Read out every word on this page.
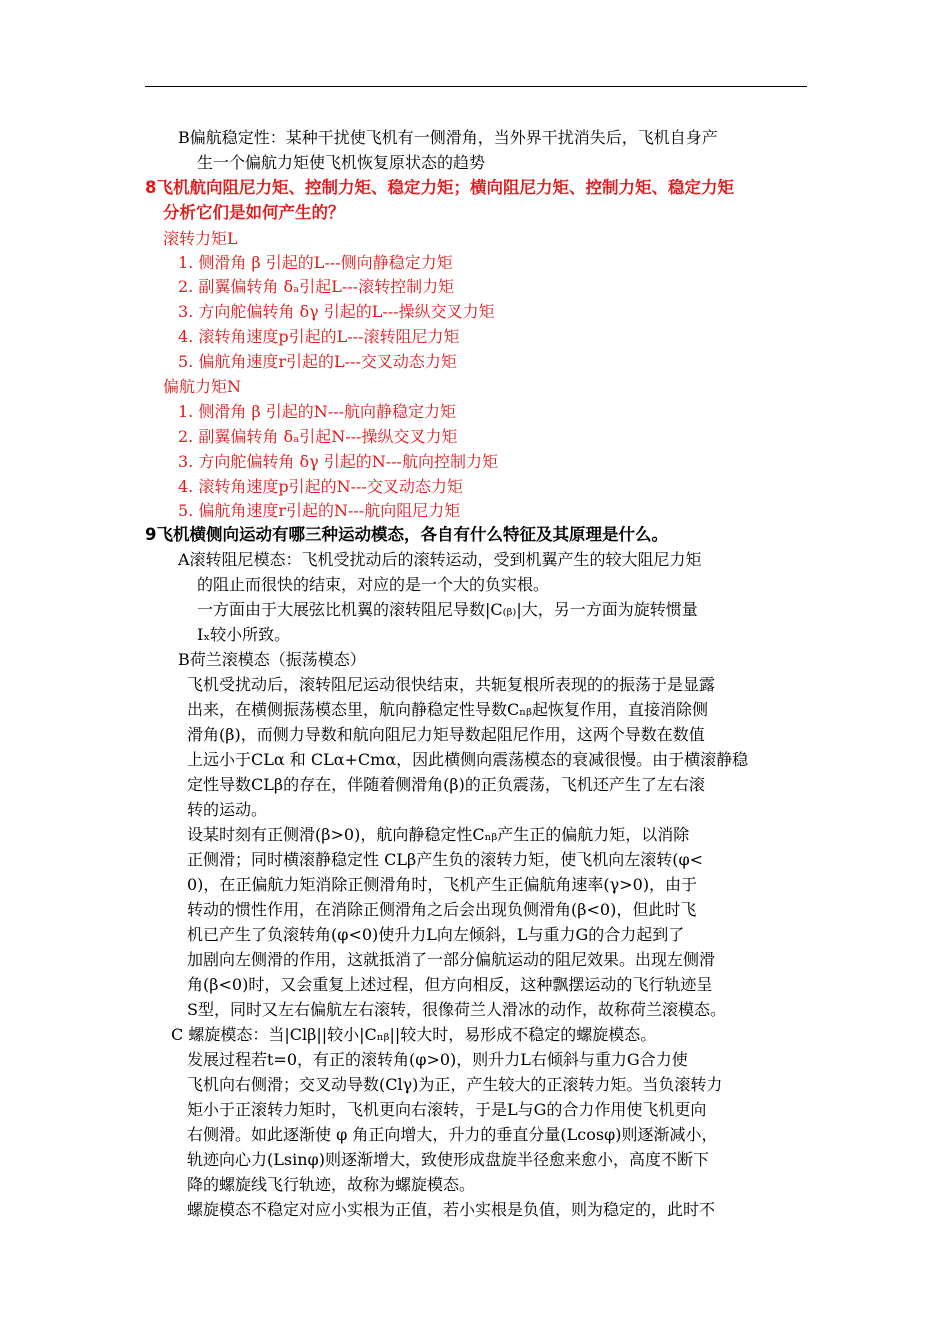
B偏航稳定性：某种干扰使飞机有一侧滑角，当外界干扰消失后，飞机自身产
生一个偏航力矩使飞机恢复原状态的趋势
8飞机航向阻尼力矩、控制力矩、稳定力矩；横向阻尼力矩、控制力矩、稳定力矩
分析它们是如何产生的？
滚转力矩L
1. 侧滑角 β 引起的L---侧向静稳定力矩
2. 副翼偏转角 δₐ引起L---滚转控制力矩
3. 方向舵偏转角 δγ 引起的L---操纵交叉力矩
4. 滚转角速度p引起的L---滚转阻尼力矩
5. 偏航角速度r引起的L---交叉动态力矩
偏航力矩N
1. 侧滑角 β 引起的N---航向静稳定力矩
2. 副翼偏转角 δₐ引起N---操纵交叉力矩
3. 方向舵偏转角 δγ 引起的N---航向控制力矩
4. 滚转角速度p引起的N---交叉动态力矩
5. 偏航角速度r引起的N---航向阻尼力矩
9飞机横侧向运动有哪三种运动模态，各自有什么特征及其原理是什么。
A滚转阻尼模态：飞机受扰动后的滚转运动，受到机翼产生的较大阻尼力矩
的阻止而很快的结束，对应的是一个大的负实根。
一方面由于大展弦比机翼的滚转阻尼导数|C₍ᵦ₎|大，另一方面为旋转惯量
Iₓ较小所致。
B荷兰滚模态（振荡模态）
飞机受扰动后，滚转阻尼运动很快结束，共轭复根所表现的的振荡于是显露
出来，在横侧振荡模态里，航向静稳定性导数Cₙᵦ起恢复作用，直接消除侧
滑角(β)，而侧力导数和航向阻尼力矩导数起阻尼作用，这两个导数在数值
上远小于CLα 和 CLα+Cmα，因此横侧向震荡模态的衰减很慢。由于横滚静稳
定性导数CLβ的存在，伴随着侧滑角(β)的正负震荡，飞机还产生了左右滚
转的运动。
设某时刻有正侧滑(β>0)，航向静稳定性Cₙᵦ产生正的偏航力矩，以消除
正侧滑；同时横滚静稳定性 CLβ产生负的滚转力矩，使飞机向左滚转(φ<
0)，在正偏航力矩消除正侧滑角时，飞机产生正偏航角速率(γ>0)，由于
转动的惯性作用，在消除正侧滑角之后会出现负侧滑角(β<0)，但此时飞
机已产生了负滚转角(φ<0)使升力L向左倾斜，L与重力G的合力起到了
加剧向左侧滑的作用，这就抵消了一部分偏航运动的阻尼效果。出现左侧滑
角(β<0)时，又会重复上述过程，但方向相反，这种飘摆运动的飞行轨迹呈
S型，同时又左右偏航左右滚转，很像荷兰人滑冰的动作，故称荷兰滚模态。
C 螺旋模态：当|Clβ||较小|Cₙᵦ||较大时，易形成不稳定的螺旋模态。
发展过程若t=0，有正的滚转角(φ>0)，则升力L右倾斜与重力G合力使
飞机向右侧滑；交叉动导数(Clγ)为正，产生较大的正滚转力矩。当负滚转力
矩小于正滚转力矩时，飞机更向右滚转，于是L与G的合力作用使飞机更向
右侧滑。如此逐渐使 φ 角正向增大，升力的垂直分量(Lcosφ)则逐渐减小，
轨迹向心力(Lsinφ)则逐渐增大，致使形成盘旋半径愈来愈小，高度不断下
降的螺旋线飞行轨迹，故称为螺旋模态。
螺旋模态不稳定对应小实根为正值，若小实根是负值，则为稳定的，此时不
